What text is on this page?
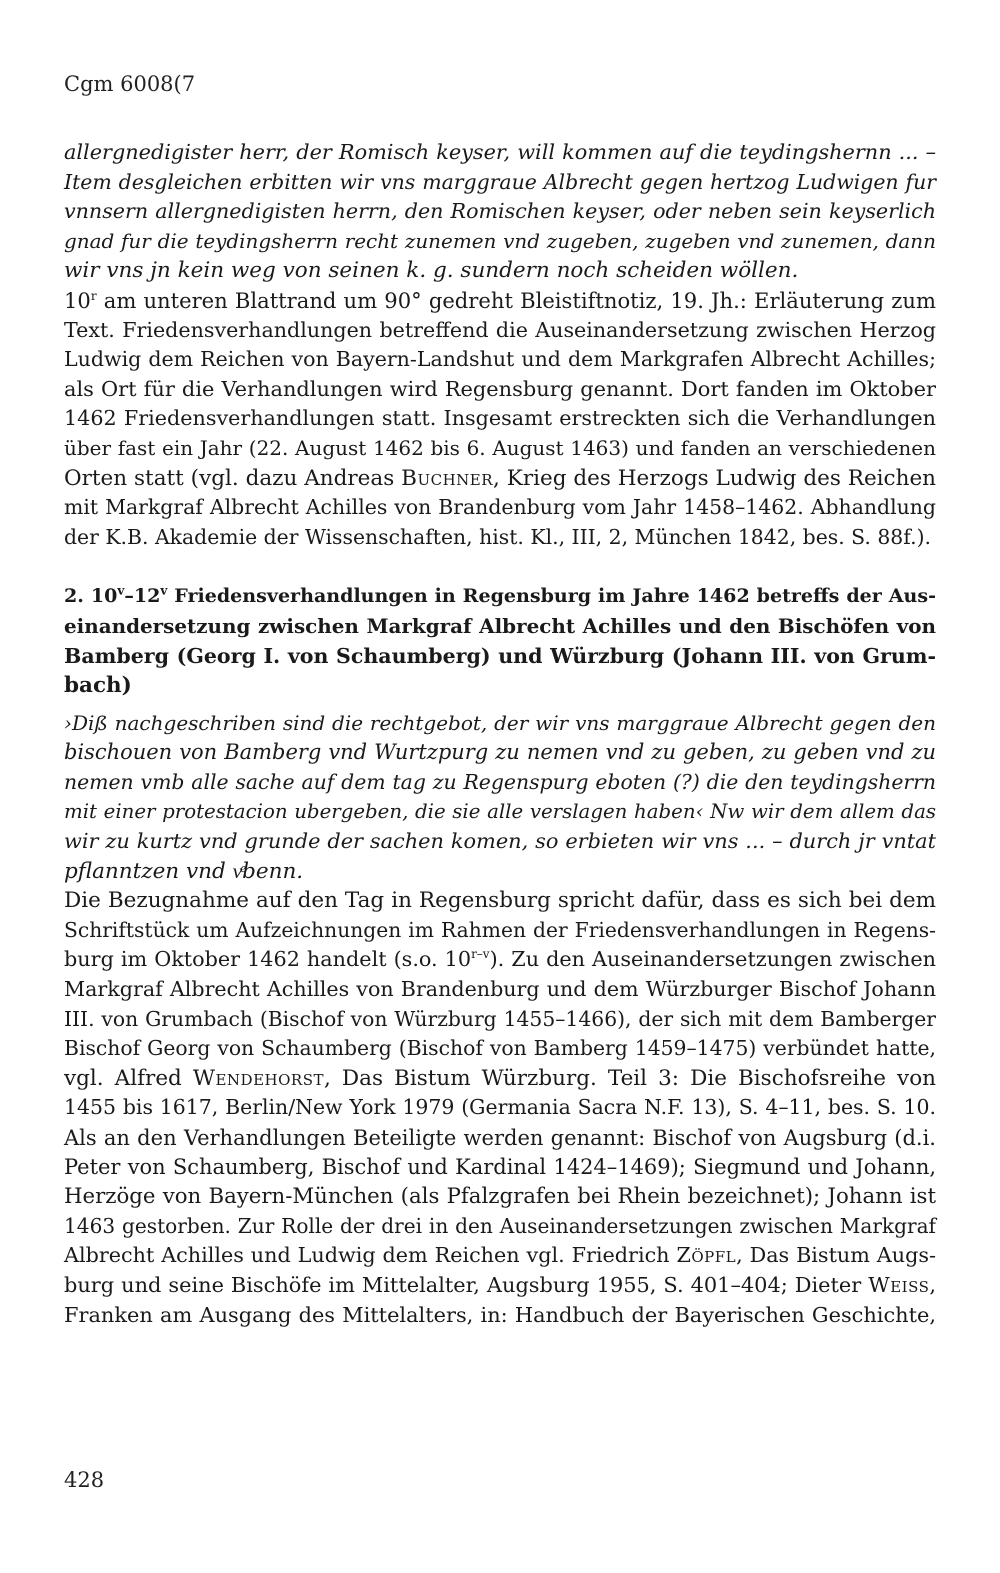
Cgm 6008(7
allergnedigister herr, der Romisch keyser, will kommen auf die teydingshernn ... –
Item desgleichen erbitten wir vns marggraue Albrecht gegen hertzog Ludwigen fur
vnnsern allergnedigisten herrn, den Romischen keyser, oder neben sein keyserlich
gnad fur die teydingsherrn recht zunemen vnd zugeben, zugeben vnd zunemen, dann
wir vns jn kein weg von seinen k. g. sundern noch scheiden wöllen.
10$^r$ am unteren Blattrand um 90° gedreht Bleistiftnotiz, 19. Jh.: Erläuterung zum
Text. Friedensverhandlungen betreffend die Auseinandersetzung zwischen Herzog
Ludwig dem Reichen von Bayern-Landshut und dem Markgrafen Albrecht Achilles;
als Ort für die Verhandlungen wird Regensburg genannt. Dort fanden im Oktober
1462 Friedensverhandlungen statt. Insgesamt erstreckten sich die Verhandlungen
über fast ein Jahr (22. August 1462 bis 6. August 1463) und fanden an verschiedenen
Orten statt (vgl. dazu Andreas Buchner, Krieg des Herzogs Ludwig des Reichen
mit Markgraf Albrecht Achilles von Brandenburg vom Jahr 1458–1462. Abhandlung
der K.B. Akademie der Wissenschaften, hist. Kl., III, 2, München 1842, bes. S. 88f.).
2. 10$^v$–12$^v$ Friedensverhandlungen in Regensburg im Jahre 1462 betreffs der Aus-
einandersetzung zwischen Markgraf Albrecht Achilles und den Bischöfen von
Bamberg (Georg I. von Schaumberg) und Würzburg (Johann III. von Grum-
bach)
›Diß nachgeschriben sind die rechtgebot, der wir vns marggraue Albrecht gegen den
bischouen von Bamberg vnd Wurtzpurg zu nemen vnd zu geben, zu geben vnd zu
nemen vmb alle sache auf dem tag zu Regenspurg eboten (?) die den teydingsherrn
mit einer protestacion ubergeben, die sie alle verslagen haben‹ Nw wir dem allem das
wir zu kurtz vnd grunde der sachen komen, so erbieten wir vns ... – durch jr vntat
pflanntzen vnd vͤbenn.
Die Bezugnahme auf den Tag in Regensburg spricht dafür, dass es sich bei dem
Schriftstück um Aufzeichnungen im Rahmen der Friedensverhandlungen in Regens-
burg im Oktober 1462 handelt (s.o. 10$^{r-v}$). Zu den Auseinandersetzungen zwischen
Markgraf Albrecht Achilles von Brandenburg und dem Würzburger Bischof Johann
III. von Grumbach (Bischof von Würzburg 1455–1466), der sich mit dem Bamberger
Bischof Georg von Schaumberg (Bischof von Bamberg 1459–1475) verbündet hatte,
vgl. Alfred Wendehorst, Das Bistum Würzburg. Teil 3: Die Bischofsreihe von
1455 bis 1617, Berlin/New York 1979 (Germania Sacra N.F. 13), S. 4–11, bes. S. 10.
Als an den Verhandlungen Beteiligte werden genannt: Bischof von Augsburg (d.i.
Peter von Schaumberg, Bischof und Kardinal 1424–1469); Siegmund und Johann,
Herzöge von Bayern-München (als Pfalzgrafen bei Rhein bezeichnet); Johann ist
1463 gestorben. Zur Rolle der drei in den Auseinandersetzungen zwischen Markgraf
Albrecht Achilles und Ludwig dem Reichen vgl. Friedrich Zöpfl, Das Bistum Augs-
burg und seine Bischöfe im Mittelalter, Augsburg 1955, S. 401–404; Dieter Weiss,
Franken am Ausgang des Mittelalters, in: Handbuch der Bayerischen Geschichte,
428
